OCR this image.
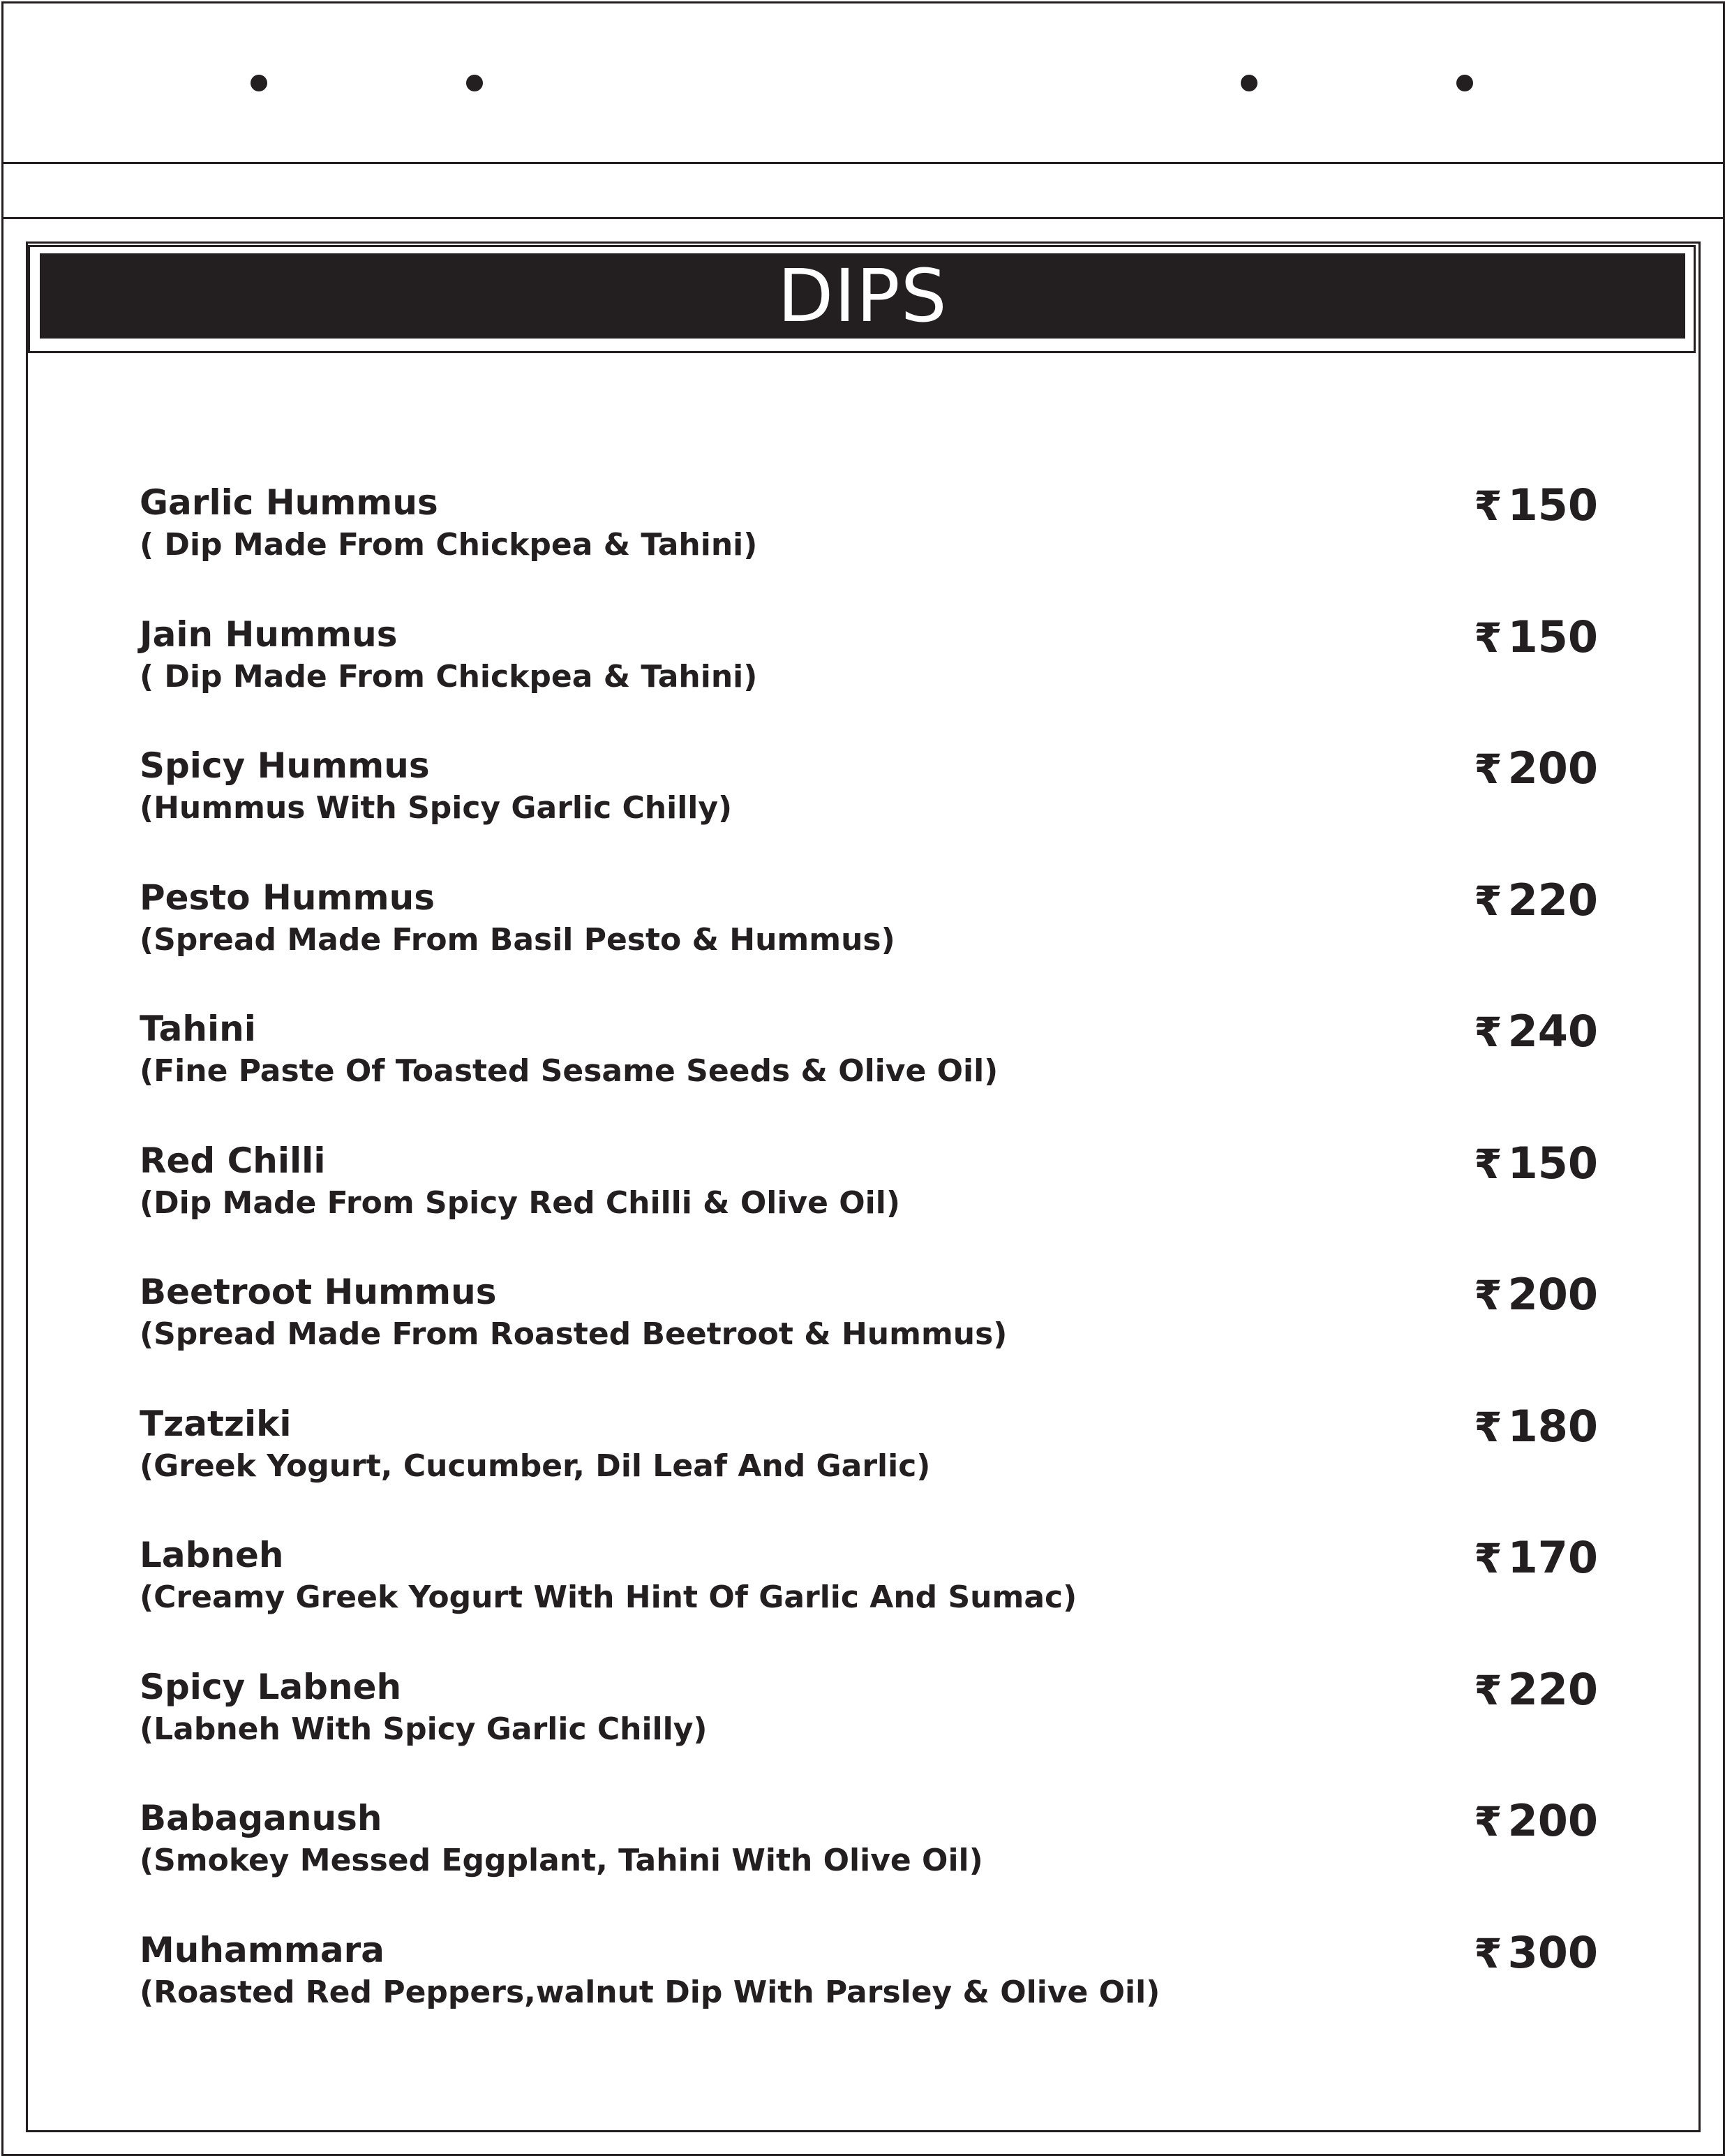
DIPS
Garlic Hummus
( Dip Made From Chickpea & Tahini)
₹ 150
Jain Hummus
( Dip Made From Chickpea & Tahini)
₹ 150
Spicy Hummus
(Hummus With Spicy Garlic Chilly)
₹ 200
Pesto Hummus
(Spread Made From Basil Pesto & Hummus)
₹ 220
Tahini
(Fine Paste Of Toasted Sesame Seeds & Olive Oil)
₹ 240
Red Chilli
(Dip Made From Spicy Red Chilli & Olive Oil)
₹ 150
Beetroot Hummus
(Spread Made From Roasted Beetroot & Hummus)
₹ 200
Tzatziki
(Greek Yogurt, Cucumber, Dil Leaf And Garlic)
₹ 180
Labneh
(Creamy Greek Yogurt With Hint Of Garlic And Sumac)
₹ 170
Spicy Labneh
(Labneh With Spicy Garlic Chilly)
₹ 220
Babaganush
(Smokey Messed Eggplant, Tahini With Olive Oil)
₹ 200
Muhammara
(Roasted Red Peppers,walnut Dip With Parsley & Olive Oil)
₹ 300
